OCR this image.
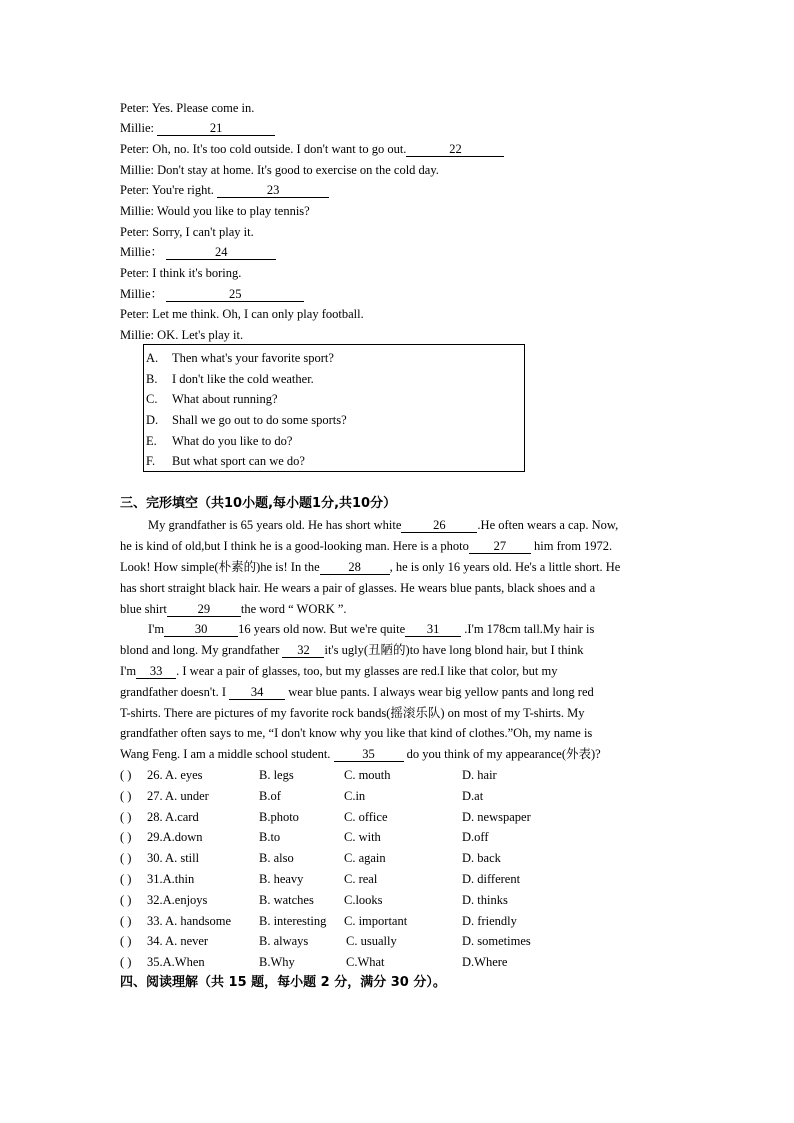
Peter: Yes. Please come in.
Millie:	21
Peter: Oh, no. It's too cold outside. I don't want to go out.	22
Millie: Don't stay at home. It's good to exercise on the cold day.
Peter: You're right.	23
Millie: Would you like to play tennis?
Peter: Sorry, I can't play it.
Millie：	24
Peter: I think it's boring.
Millie：	25
Peter: Let me think. Oh, I can only play football.
Millie: OK. Let's play it.
A. Then what's your favorite sport?
B. I don't like the cold weather.
C. What about running?
D. Shall we go out to do some sports?
E. What do you like to do?
F. But what sport can we do?
三、完形填空（共10小题,每小题1分,共10分）
My grandfather is 65 years old. He has short white	26	.He often wears a cap. Now,
he is kind of old,but I think he is a good-looking man. Here is a photo 27 him from 1972.
Look! How simple(朴素的)he is! In the 28 , he is only 16 years old. He's a little short. He
has short straight black hair. He wears a pair of glasses. He wears blue pants, black shoes and a
blue shirt 29 the word “ WORK ”.
I'm 30 16 years old now. But we're quite 31 .I'm 178cm tall.My hair is
blond and long. My grandfather 32 it's ugly(丑陋的)to have long blond hair, but I think
I'm 33 . I wear a pair of glasses, too, but my glasses are red.I like that color, but my
grandfather doesn't. I 34 wear blue pants. I always wear big yellow pants and long red
T-shirts. There are pictures of my favorite rock bands(摇滚乐队) on most of my T-shirts. My
grandfather often says to me, “I don't know why you like that kind of clothes.”Oh, my name is
Wang Feng. I am a middle school student. 35 do you think of my appearance(外表)?
( ) 26. A. eyes	B. legs	C. mouth	D. hair
( ) 27. A. under	B.of	C.in	D.at
( ) 28. A.card	B.photo	C. office	D. newspaper
( ) 29.A.down	B.to	C. with	D.off
( ) 30. A. still	B. also	C. again	D. back
( ) 31.A.thin	B. heavy	C. real	D. different
( ) 32.A.enjoys	B. watches C.looks	D. thinks
( ) 33. A. handsome B. interesting C. important	D. friendly
( ) 34. A. never	B. always	C. usually	D. sometimes
( ) 35.A.When	B.Why	C.What	D.Where
四、阅读理解（共 15 题，每小题 2 分，满分 30 分）。
